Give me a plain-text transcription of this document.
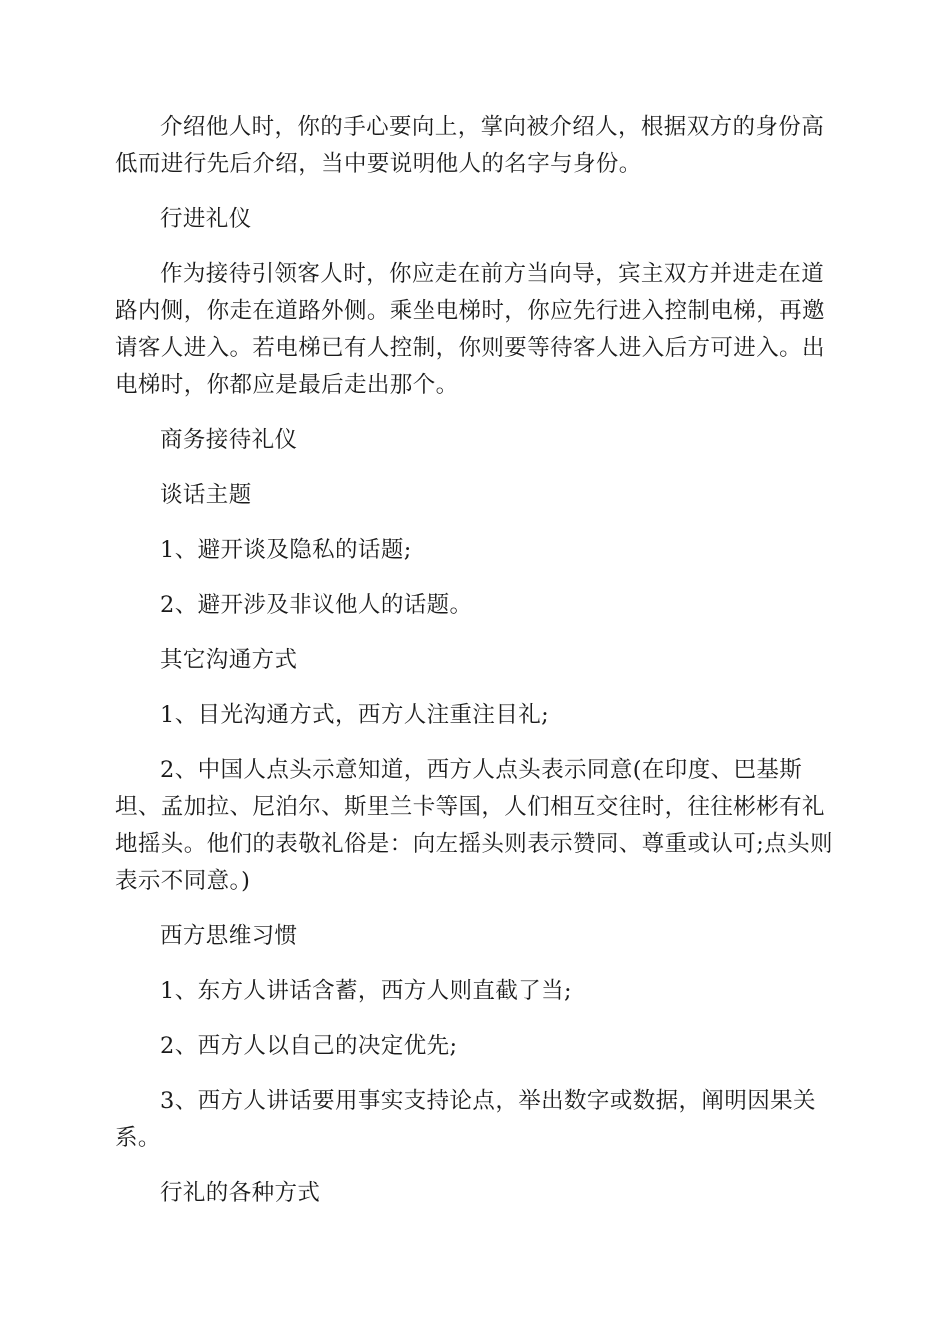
介绍他人时，你的手心要向上，掌向被介绍人，根据双方的身份高低而进行先后介绍，当中要说明他人的名字与身份。

行进礼仪

作为接待引领客人时，你应走在前方当向导，宾主双方并进走在道路内侧，你走在道路外侧。乘坐电梯时，你应先行进入控制电梯，再邀请客人进入。若电梯已有人控制，你则要等待客人进入后方可进入。出电梯时，你都应是最后走出那个。

商务接待礼仪

谈话主题

1、避开谈及隐私的话题;

2、避开涉及非议他人的话题。

其它沟通方式

1、目光沟通方式，西方人注重注目礼;

2、中国人点头示意知道，西方人点头表示同意(在印度、巴基斯坦、孟加拉、尼泊尔、斯里兰卡等国，人们相互交往时，往往彬彬有礼地摇头。他们的表敬礼俗是：向左摇头则表示赞同、尊重或认可;点头则表示不同意。)

西方思维习惯

1、东方人讲话含蓄，西方人则直截了当;

2、西方人以自己的决定优先;

3、西方人讲话要用事实支持论点，举出数字或数据，阐明因果关系。

行礼的各种方式
